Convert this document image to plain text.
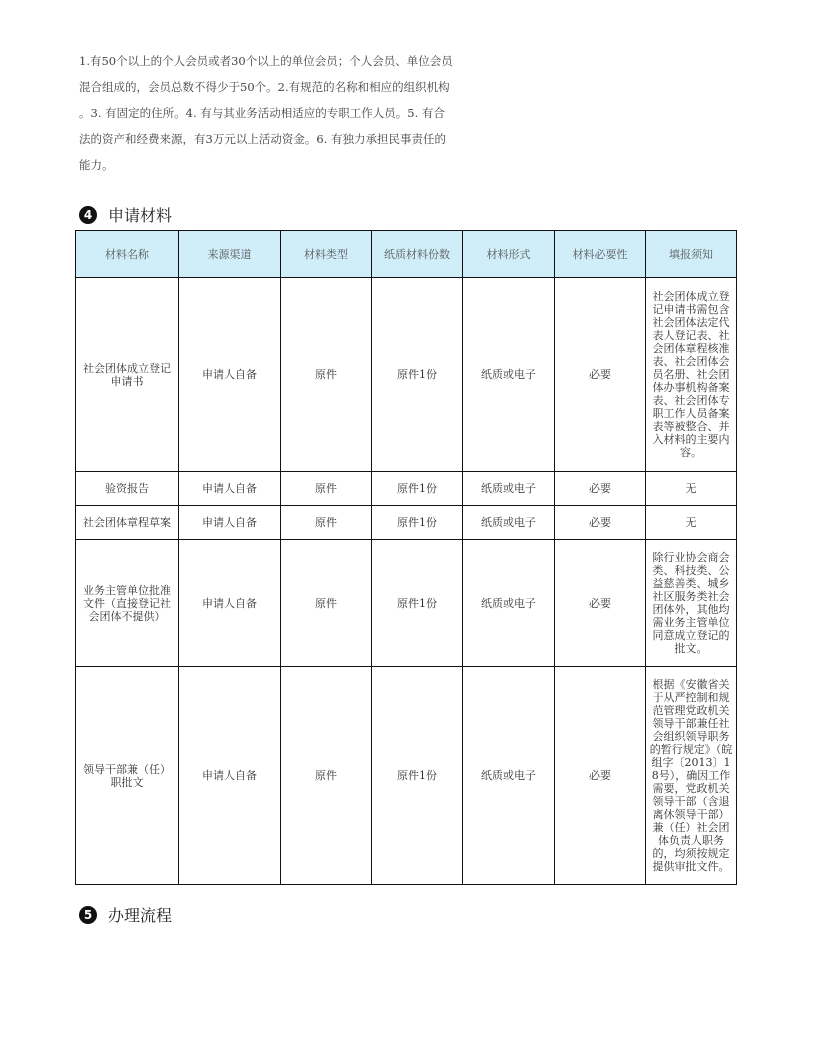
1.有50个以上的个人会员或者30个以上的单位会员；个人会员、单位会员

混合组成的，会员总数不得少于50个。2.有规范的名称和相应的组织机构

。3. 有固定的住所。4. 有与其业务活动相适应的专职工作人员。5. 有合

法的资产和经费来源，有3万元以上活动资金。6. 有独力承担民事责任的

能力。

4 申请材料
材料名称	来源渠道	材料类型	纸质材料份数	材料形式	材料必要性	填报须知
社会团体成立登记申请书	申请人自备	原件	原件1份	纸质或电子	必要	社会团体成立登记申请书需包含社会团体法定代表人登记表、社会团体章程核准表、社会团体会员名册、社会团体办事机构备案表、社会团体专职工作人员备案表等被整合、并入材料的主要内容。
验资报告	申请人自备	原件	原件1份	纸质或电子	必要	无
社会团体章程草案	申请人自备	原件	原件1份	纸质或电子	必要	无
业务主管单位批准文件（直接登记社会团体不提供）	申请人自备	原件	原件1份	纸质或电子	必要	除行业协会商会类、科技类、公益慈善类、城乡社区服务类社会团体外，其他均需业务主管单位同意成立登记的批文。
领导干部兼（任）职批文	申请人自备	原件	原件1份	纸质或电子	必要	根据《安徽省关于从严控制和规范管理党政机关领导干部兼任社会组织领导职务的暂行规定》（皖组字〔2013〕18号），确因工作需要，党政机关领导干部（含退离休领导干部）兼（任）社会团体负责人职务的，均须按规定提供审批文件。
5 办理流程
